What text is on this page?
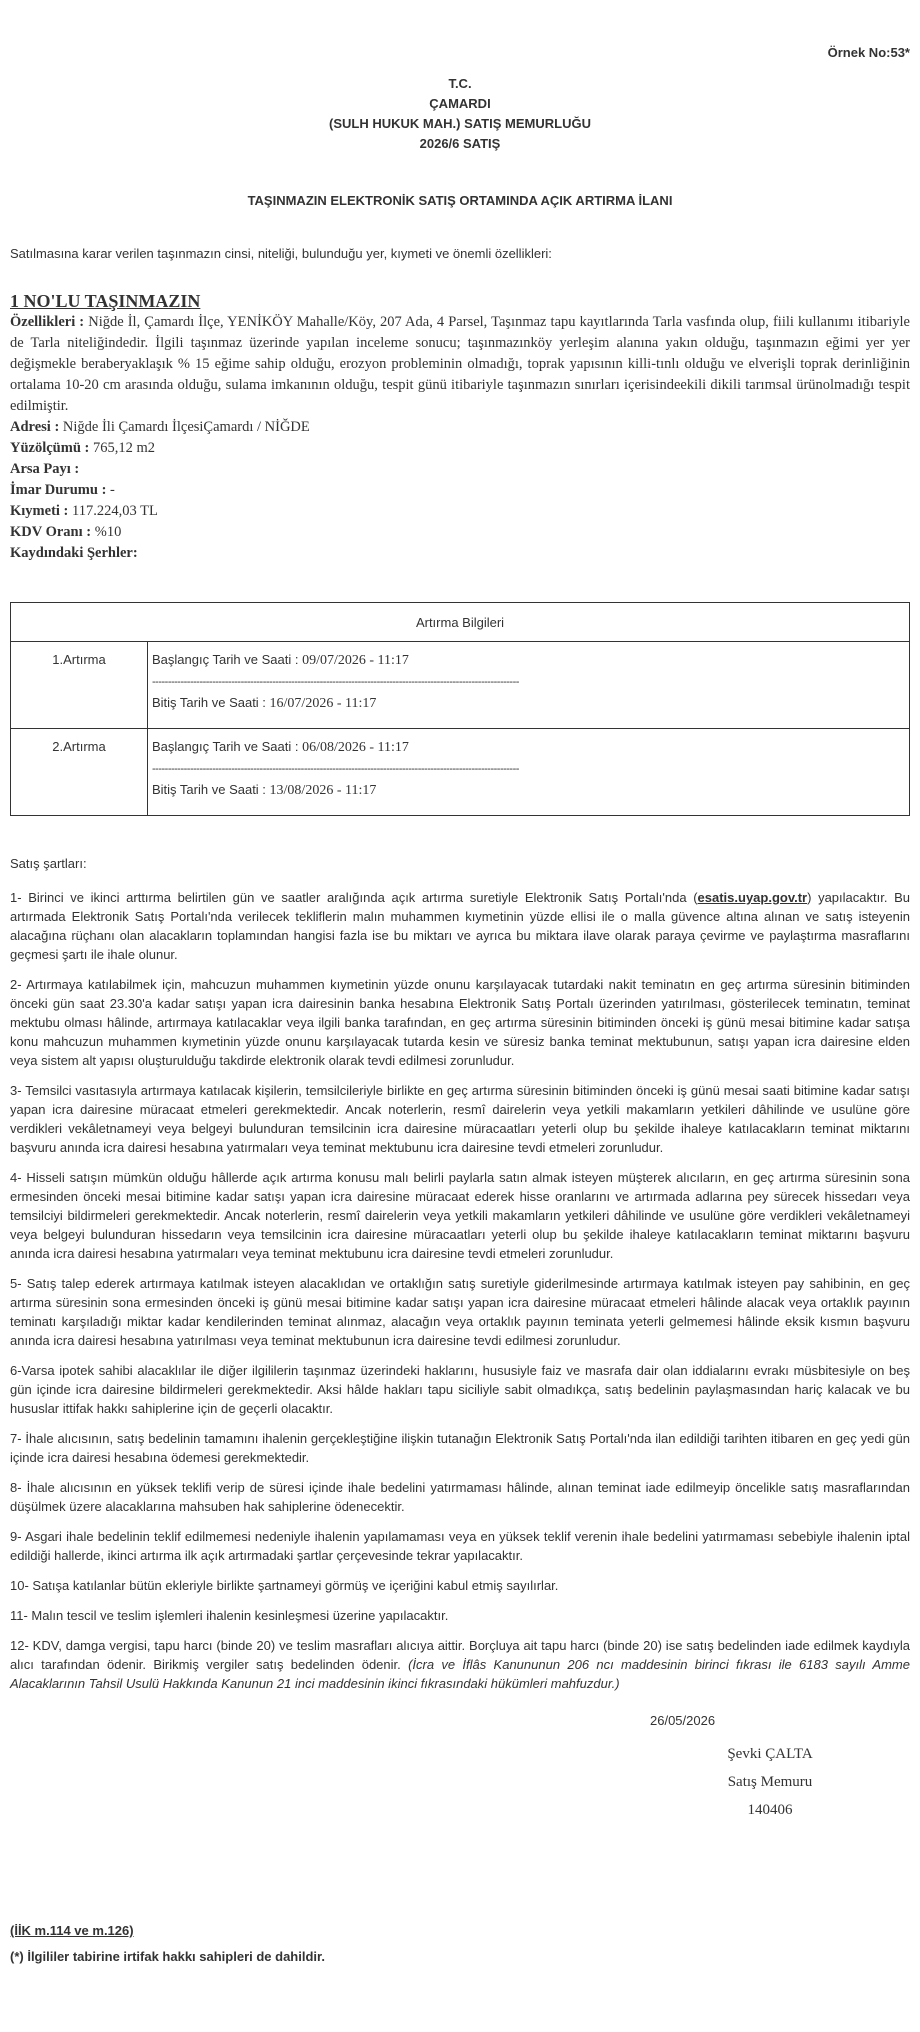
Örnek No:53*
T.C.
ÇAMARDI
(SULH HUKUK MAH.) SATIŞ MEMURLUĞU
2026/6 SATIŞ
TAŞINMAZIN ELEKTRONİK SATIŞ ORTAMINDA AÇIK ARTIRMA İLANI
Satılmasına karar verilen taşınmazın cinsi, niteliği, bulunduğu yer, kıymeti ve önemli özellikleri:
1 NO'LU TAŞINMAZIN
Özellikleri : Niğde İl, Çamardı İlçe, YENİKÖY Mahalle/Köy, 207 Ada, 4 Parsel, Taşınmaz tapu kayıtlarında Tarla vasfında olup, fiili kullanımı itibariyle de Tarla niteliğindedir. İlgili taşınmaz üzerinde yapılan inceleme sonucu; taşınmazınköy yerleşim alanına yakın olduğu, taşınmazın eğimi yer yer değişmekle beraberyaklaşık % 15 eğime sahip olduğu, erozyon probleminin olmadığı, toprak yapısının killi-tınlı olduğu ve elverişli toprak derinliğinin ortalama 10-20 cm arasında olduğu, sulama imkanının olduğu, tespit günü itibariyle taşınmazın sınırları içerisindeekili dikili tarımsal ürünolmadığı tespit edilmiştir.
Adresi : Niğde İli Çamardı İlçesiÇamardı / NİĞDE
Yüzölçümü : 765,12 m2
Arsa Payı :
İmar Durumu : -
Kıymeti : 117.224,03 TL
KDV Oranı : %10
Kaydındaki Şerhler:
Artırma Bilgileri	
1.Artırma	Başlangıç Tarih ve Saati : 09/07/2026 - 11:17
--------------------------------------------------------------------------------------------------------------------
Bitiş Tarih ve Saati : 16/07/2026 - 11:17

2.Artırma	Başlangıç Tarih ve Saati : 06/08/2026 - 11:17
--------------------------------------------------------------------------------------------------------------------
Bitiş Tarih ve Saati : 13/08/2026 - 11:17

Satış şartları:

1- Birinci ve ikinci arttırma belirtilen gün ve saatler aralığında açık artırma suretiyle Elektronik Satış Portalı'nda (esatis.uyap.gov.tr) yapılacaktır. Bu artırmada Elektronik Satış Portalı'nda verilecek tekliflerin malın muhammen kıymetinin yüzde ellisi ile o malla güvence altına alınan ve satış isteyenin alacağına rüçhanı olan alacakların toplamından hangisi fazla ise bu miktarı ve ayrıca bu miktara ilave olarak paraya çevirme ve paylaştırma masraflarını geçmesi şartı ile ihale olunur.

2- Artırmaya katılabilmek için, mahcuzun muhammen kıymetinin yüzde onunu karşılayacak tutardaki nakit teminatın en geç artırma süresinin bitiminden önceki gün saat 23.30'a kadar satışı yapan icra dairesinin banka hesabına Elektronik Satış Portalı üzerinden yatırılması, gösterilecek teminatın, teminat mektubu olması hâlinde, artırmaya katılacaklar veya ilgili banka tarafından, en geç artırma süresinin bitiminden önceki iş günü mesai bitimine kadar satışa konu mahcuzun muhammen kıymetinin yüzde onunu karşılayacak tutarda kesin ve süresiz banka teminat mektubunun, satışı yapan icra dairesine elden veya sistem alt yapısı oluşturulduğu takdirde elektronik olarak tevdi edilmesi zorunludur.

3- Temsilci vasıtasıyla artırmaya katılacak kişilerin, temsilcileriyle birlikte en geç artırma süresinin bitiminden önceki iş günü mesai saati bitimine kadar satışı yapan icra dairesine müracaat etmeleri gerekmektedir. Ancak noterlerin, resmî dairelerin veya yetkili makamların yetkileri dâhilinde ve usulüne göre verdikleri vekâletnameyi veya belgeyi bulunduran temsilcinin icra dairesine müracaatları yeterli olup bu şekilde ihaleye katılacakların teminat miktarını başvuru anında icra dairesi hesabına yatırmaları veya teminat mektubunu icra dairesine tevdi etmeleri zorunludur.

4- Hisseli satışın mümkün olduğu hâllerde açık artırma konusu malı belirli paylarla satın almak isteyen müşterek alıcıların, en geç artırma süresinin sona ermesinden önceki mesai bitimine kadar satışı yapan icra dairesine müracaat ederek hisse oranlarını ve artırmada adlarına pey sürecek hissedarı veya temsilciyi bildirmeleri gerekmektedir. Ancak noterlerin, resmî dairelerin veya yetkili makamların yetkileri dâhilinde ve usulüne göre verdikleri vekâletnameyi veya belgeyi bulunduran hissedarın veya temsilcinin icra dairesine müracaatları yeterli olup bu şekilde ihaleye katılacakların teminat miktarını başvuru anında icra dairesi hesabına yatırmaları veya teminat mektubunu icra dairesine tevdi etmeleri zorunludur.

5- Satış talep ederek artırmaya katılmak isteyen alacaklıdan ve ortaklığın satış suretiyle giderilmesinde artırmaya katılmak isteyen pay sahibinin, en geç artırma süresinin sona ermesinden önceki iş günü mesai bitimine kadar satışı yapan icra dairesine müracaat etmeleri hâlinde alacak veya ortaklık payının teminatı karşıladığı miktar kadar kendilerinden teminat alınmaz, alacağın veya ortaklık payının teminata yeterli gelmemesi hâlinde eksik kısmın başvuru anında icra dairesi hesabına yatırılması veya teminat mektubunun icra dairesine tevdi edilmesi zorunludur.

6-Varsa ipotek sahibi alacaklılar ile diğer ilgililerin taşınmaz üzerindeki haklarını, hususiyle faiz ve masrafa dair olan iddialarını evrakı müsbitesiyle on beş gün içinde icra dairesine bildirmeleri gerekmektedir. Aksi hâlde hakları tapu siciliyle sabit olmadıkça, satış bedelinin paylaşmasından hariç kalacak ve bu hususlar ittifak hakkı sahiplerine için de geçerli olacaktır.

7- İhale alıcısının, satış bedelinin tamamını ihalenin gerçekleştiğine ilişkin tutanağın Elektronik Satış Portalı'nda ilan edildiği tarihten itibaren en geç yedi gün içinde icra dairesi hesabına ödemesi gerekmektedir.

8- İhale alıcısının en yüksek teklifi verip de süresi içinde ihale bedelini yatırmaması hâlinde, alınan teminat iade edilmeyip öncelikle satış masraflarından düşülmek üzere alacaklarına mahsuben hak sahiplerine ödenecektir.

9- Asgari ihale bedelinin teklif edilmemesi nedeniyle ihalenin yapılamaması veya en yüksek teklif verenin ihale bedelini yatırmaması sebebiyle ihalenin iptal edildiği hallerde, ikinci artırma ilk açık artırmadaki şartlar çerçevesinde tekrar yapılacaktır.

10- Satışa katılanlar bütün ekleriyle birlikte şartnameyi görmüş ve içeriğini kabul etmiş sayılırlar.

11- Malın tescil ve teslim işlemleri ihalenin kesinleşmesi üzerine yapılacaktır.

12- KDV, damga vergisi, tapu harcı (binde 20) ve teslim masrafları alıcıya aittir. Borçluya ait tapu harcı (binde 20) ise satış bedelinden iade edilmek kaydıyla alıcı tarafından ödenir. Birikmiş vergiler satış bedelinden ödenir. (İcra ve İflâs Kanununun 206 ncı maddesinin birinci fıkrası ile 6183 sayılı Amme Alacaklarının Tahsil Usulü Hakkında Kanunun 21 inci maddesinin ikinci fıkrasındaki hükümleri mahfuzdur.)

26/05/2026
Şevki ÇALTA
Satış Memuru
140406
(İİK m.114 ve m.126)
(*) İlgililer tabirine irtifak hakkı sahipleri de dahildir.
